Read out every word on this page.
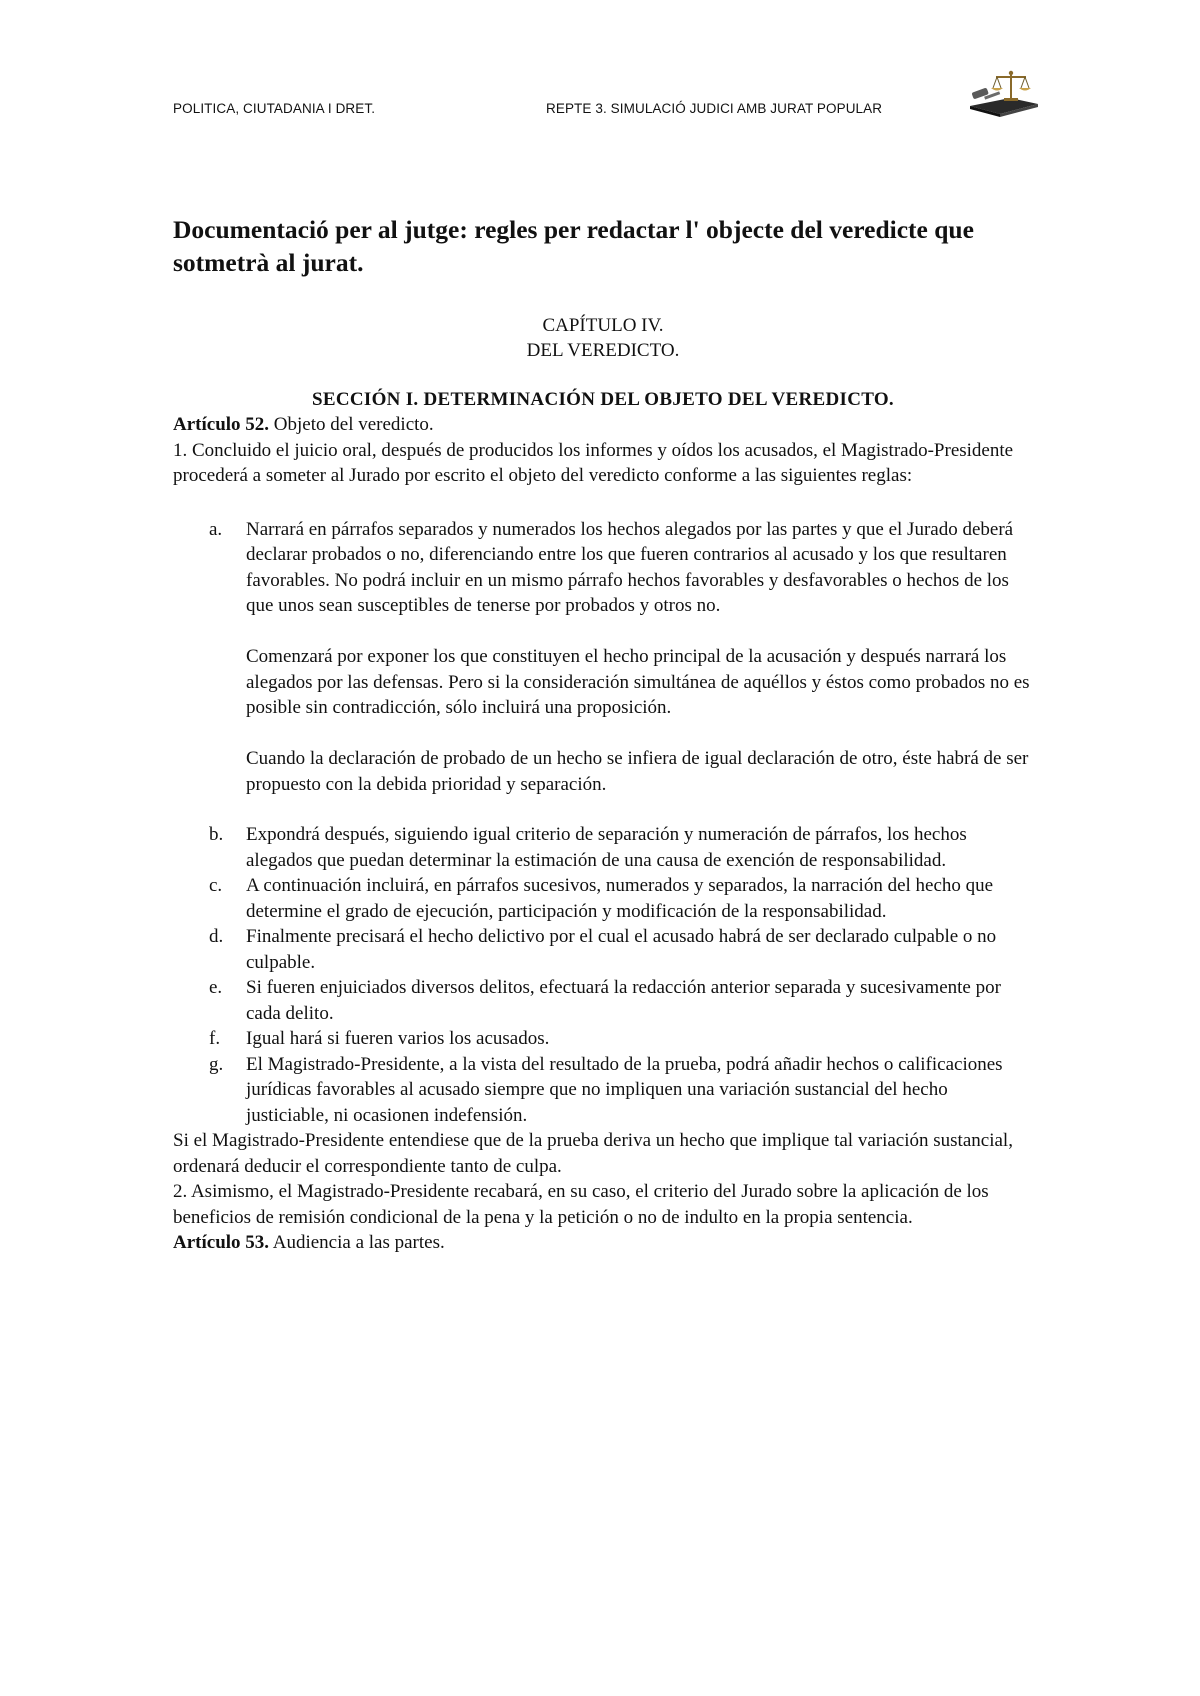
POLITICA, CIUTADANIA I DRET.	REPTE 3. SIMULACIÓ JUDICI AMB JURAT POPULAR
Documentació per al jutge: regles per redactar l' objecte del veredicte que sotmetrà al jurat.

CAPÍTULO IV.

DEL VEREDICTO.

SECCIÓN I. DETERMINACIÓN DEL OBJETO DEL VEREDICTO.

Artículo 52. Objeto del veredicto.

1. Concluido el juicio oral, después de producidos los informes y oídos los acusados, el Magistrado-Presidente procederá a someter al Jurado por escrito el objeto del veredicto conforme a las siguientes reglas:

a. Narrará en párrafos separados y numerados los hechos alegados por las partes y que el Jurado deberá declarar probados o no, diferenciando entre los que fueren contrarios al acusado y los que resultaren favorables. No podrá incluir en un mismo párrafo hechos favorables y desfavorables o hechos de los que unos sean susceptibles de tenerse por probados y otros no.

Comenzará por exponer los que constituyen el hecho principal de la acusación y después narrará los alegados por las defensas. Pero si la consideración simultánea de aquéllos y éstos como probados no es posible sin contradicción, sólo incluirá una proposición.

Cuando la declaración de probado de un hecho se infiera de igual declaración de otro, éste habrá de ser propuesto con la debida prioridad y separación.

b. Expondrá después, siguiendo igual criterio de separación y numeración de párrafos, los hechos alegados que puedan determinar la estimación de una causa de exención de responsabilidad.

c. A continuación incluirá, en párrafos sucesivos, numerados y separados, la narración del hecho que determine el grado de ejecución, participación y modificación de la responsabilidad.

d. Finalmente precisará el hecho delictivo por el cual el acusado habrá de ser declarado culpable o no culpable.

e. Si fueren enjuiciados diversos delitos, efectuará la redacción anterior separada y sucesivamente por cada delito.

f. Igual hará si fueren varios los acusados.

g. El Magistrado-Presidente, a la vista del resultado de la prueba, podrá añadir hechos o calificaciones jurídicas favorables al acusado siempre que no impliquen una variación sustancial del hecho justiciable, ni ocasionen indefensión.

Si el Magistrado-Presidente entendiese que de la prueba deriva un hecho que implique tal variación sustancial, ordenará deducir el correspondiente tanto de culpa.

2. Asimismo, el Magistrado-Presidente recabará, en su caso, el criterio del Jurado sobre la aplicación de los beneficios de remisión condicional de la pena y la petición o no de indulto en la propia sentencia.

Artículo 53. Audiencia a las partes.
